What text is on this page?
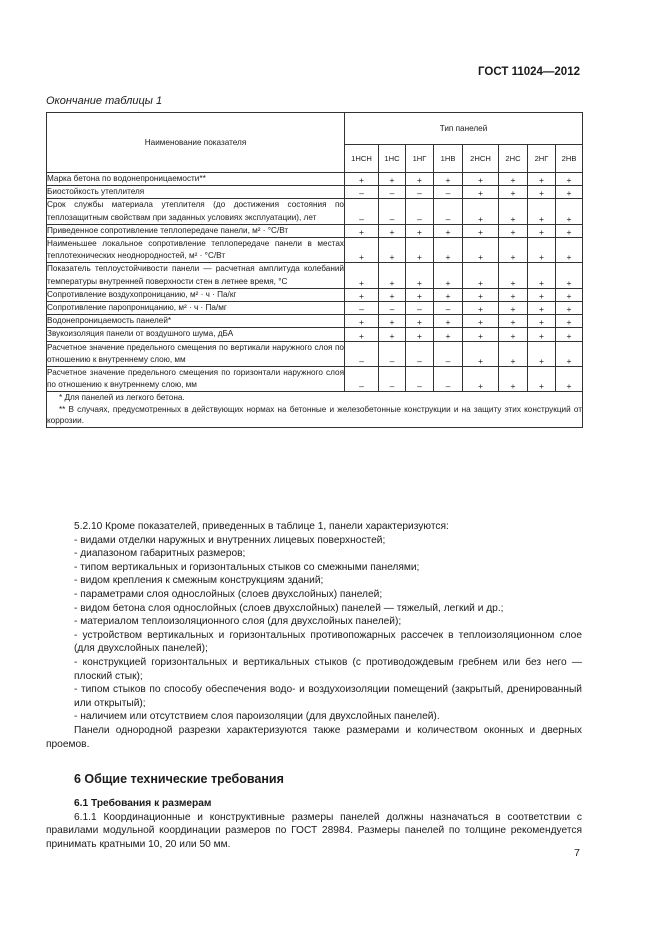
ГОСТ 11024—2012
Окончание таблицы 1
Наименование показателя	Тип панелей							
	1НСН	1НС	1НГ	1НВ	2НСН	2НС	2НГ	2НВ
Марка бетона по водонепроницаемости**	+	+	+	+	+	+	+	+
Биостойкость утеплителя	–	–	–	–	+	+	+	+
Срок службы материала утеплителя (до достижения состояния по теплозащитным свойствам при заданных условиях эксплуатации), лет	–	–	–	–	+	+	+	+
Приведенное сопротивление теплопередаче панели, м² · °С/Вт	+	+	+	+	+	+	+	+
Наименьшее локальное сопротивление теплопередаче панели в местах теплотехнических неоднородностей, м² · °С/Вт	+	+	+	+	+	+	+	+
Показатель теплоустойчивости панели — расчетная амплитуда колебаний температуры внутренней поверхности стен в летнее время, °С	+	+	+	+	+	+	+	+
Сопротивление воздухопроницанию, м² · ч · Па/кг	+	+	+	+	+	+	+	+
Сопротивление паропроницанию, м² · ч · Па/мг	–	–	–	–	+	+	+	+
Водонепроницаемость панелей*	+	+	+	+	+	+	+	+
Звукоизоляция панели от воздушного шума, дБА	+	+	+	+	+	+	+	+
Расчетное значение предельного смещения по вертикали наружного слоя по отношению к внутреннему слою, мм	–	–	–	–	+	+	+	+
Расчетное значение предельного смещения по горизонтали наружного слоя по отношению к внутреннему слою, мм	–	–	–	–	+	+	+	+

* Для панелей из легкого бетона.
** В случаях, предусмотренных в действующих нормах на бетонные и железобетонные конструкции и на защиту этих конструкций от коррозии.								

5.2.10 Кроме показателей, приведенных в таблице 1, панели характеризуются:

- видами отделки наружных и внутренних лицевых поверхностей;

- диапазоном габаритных размеров;

- типом вертикальных и горизонтальных стыков со смежными панелями;

- видом крепления к смежным конструкциям зданий;

- параметрами слоя однослойных (слоев двухслойных) панелей;

- видом бетона слоя однослойных (слоев двухслойных) панелей — тяжелый, легкий и др.;

- материалом теплоизоляционного слоя (для двухслойных панелей);

- устройством вертикальных и горизонтальных противопожарных рассечек в теплоизоляционном слое (для двухслойных панелей);

- конструкцией горизонтальных и вертикальных стыков (с противодождевым гребнем или без него — плоский стык);

- типом стыков по способу обеспечения водо- и воздухоизоляции помещений (закрытый, дренированный или открытый);

- наличием или отсутствием слоя пароизоляции (для двухслойных панелей).

Панели однородной разрезки характеризуются также размерами и количеством оконных и дверных проемов.

6 Общие технические требования

6.1 Требования к размерам

6.1.1 Координационные и конструктивные размеры панелей должны назначаться в соответствии с правилами модульной координации размеров по ГОСТ 28984. Размеры панелей по толщине рекомендуется принимать кратными 10, 20 или 50 мм.

7
